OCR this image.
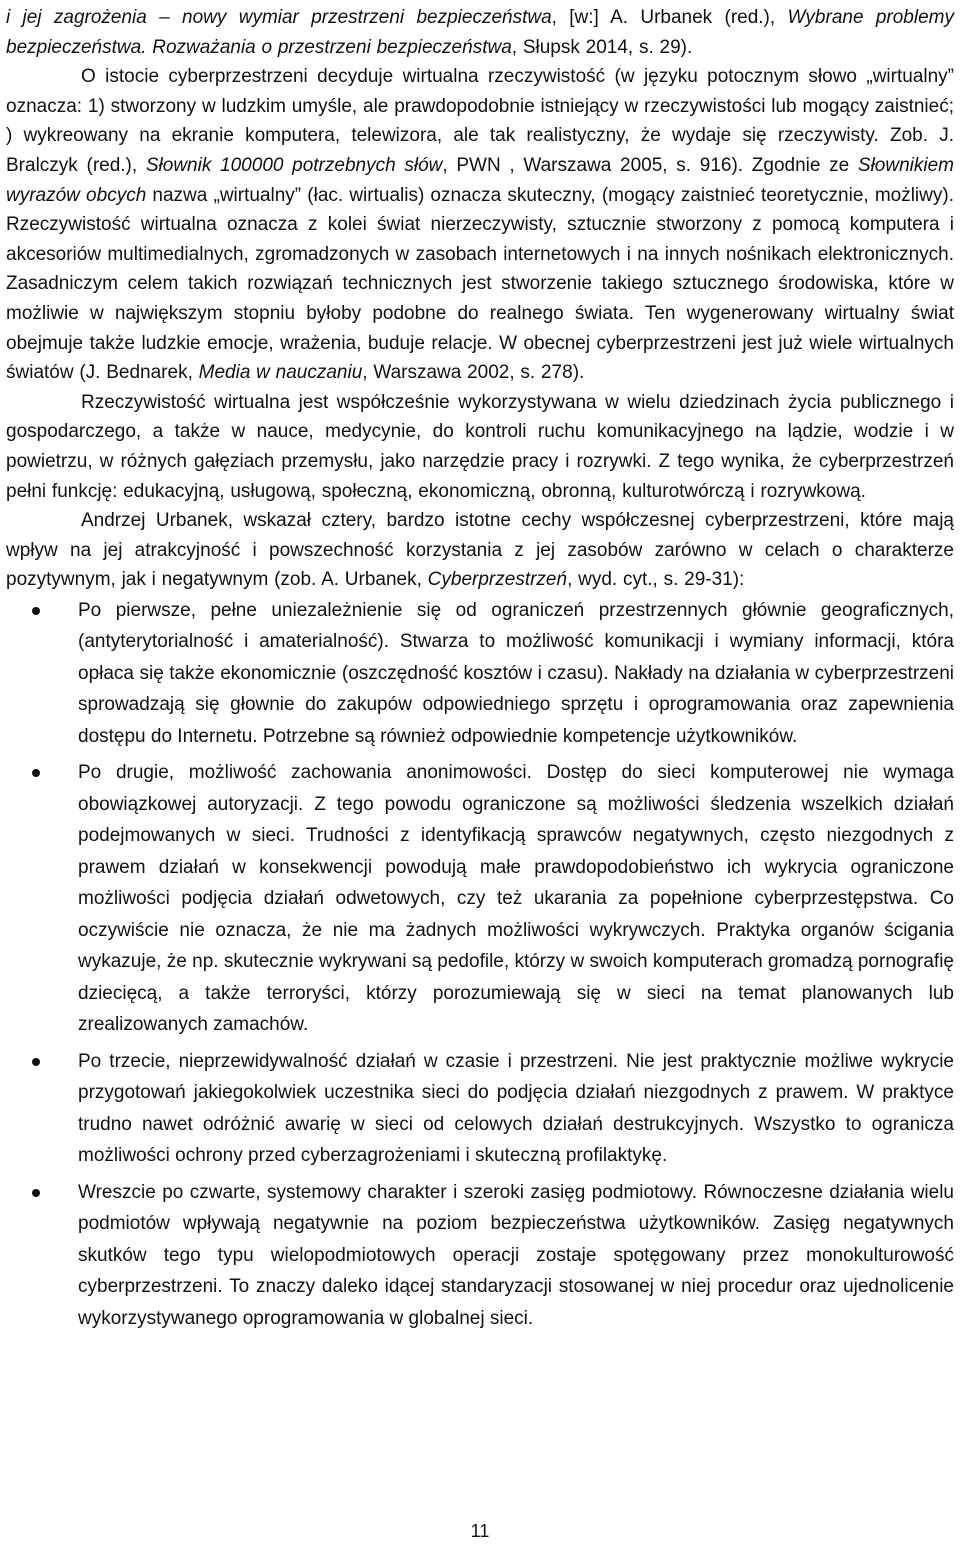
i jej zagrożenia – nowy wymiar przestrzeni bezpieczeństwa, [w:] A. Urbanek (red.), Wybrane problemy bezpieczeństwa. Rozważania o przestrzeni bezpieczeństwa, Słupsk 2014, s. 29).

O istocie cyberprzestrzeni decyduje wirtualna rzeczywistość (w języku potocznym słowo „wirtualny” oznacza: 1) stworzony w ludzkim umyśle, ale prawdopodobnie istniejący w rzeczywistości lub mogący zaistnieć; ) wykreowany na ekranie komputera, telewizora, ale tak realistyczny, że wydaje się rzeczywisty. Zob. J. Bralczyk (red.), Słownik 100000 potrzebnych słów, PWN , Warszawa 2005, s. 916). Zgodnie ze Słownikiem wyrazów obcych nazwa „wirtualny” (łac. wirtualis) oznacza skuteczny, (mogący zaistnieć teoretycznie, możliwy). Rzeczywistość wirtualna oznacza z kolei świat nierzeczywisty, sztucznie stworzony z pomocą komputera i akcesoriów multimedialnych, zgromadzonych w zasobach internetowych i na innych nośnikach elektronicznych. Zasadniczym celem takich rozwiązań technicznych jest stworzenie takiego sztucznego środowiska, które w możliwie w największym stopniu byłoby podobne do realnego świata. Ten wygenerowany wirtualny świat obejmuje także ludzkie emocje, wrażenia, buduje relacje. W obecnej cyberprzestrzeni jest już wiele wirtualnych światów (J. Bednarek, Media w nauczaniu, Warszawa 2002, s. 278).

Rzeczywistość wirtualna jest współcześnie wykorzystywana w wielu dziedzinach życia publicznego i gospodarczego, a także w nauce, medycynie, do kontroli ruchu komunikacyjnego na lądzie, wodzie i w powietrzu, w różnych gałęziach przemysłu, jako narzędzie pracy i rozrywki. Z tego wynika, że cyberprzestrzeń pełni funkcję: edukacyjną, usługową, społeczną, ekonomiczną, obronną, kulturotwórczą i rozrywkową.

Andrzej Urbanek, wskazał cztery, bardzo istotne cechy współczesnej cyberprzestrzeni, które mają wpływ na jej atrakcyjność i powszechność korzystania z jej zasobów zarówno w celach o charakterze pozytywnym, jak i negatywnym (zob. A. Urbanek, Cyberprzestrzeń, wyd. cyt., s. 29-31):

Po pierwsze, pełne uniezależnienie się od ograniczeń przestrzennych głównie geograficznych, (antyterytorialność i amaterialność). Stwarza to możliwość komunikacji i wymiany informacji, która opłaca się także ekonomicznie (oszczędność kosztów i czasu). Nakłady na działania w cyberprzestrzeni sprowadzają się głownie do zakupów odpowiedniego sprzętu i oprogramowania oraz zapewnienia dostępu do Internetu. Potrzebne są również odpowiednie kompetencje użytkowników.
Po drugie, możliwość zachowania anonimowości. Dostęp do sieci komputerowej nie wymaga obowiązkowej autoryzacji. Z tego powodu ograniczone są możliwości śledzenia wszelkich działań podejmowanych w sieci. Trudności z identyfikacją sprawców negatywnych, często niezgodnych z prawem działań w konsekwencji powodują małe prawdopodobieństwo ich wykrycia ograniczone możliwości podjęcia działań odwetowych, czy też ukarania za popełnione cyberprzestępstwa. Co oczywiście nie oznacza, że nie ma żadnych możliwości wykrywczych. Praktyka organów ścigania wykazuje, że np. skutecznie wykrywani są pedofile, którzy w swoich komputerach gromadzą pornografię dziecięcą, a także terroryści, którzy porozumiewają się w sieci na temat planowanych lub zrealizowanych zamachów.
Po trzecie, nieprzewidywalność działań w czasie i przestrzeni. Nie jest praktycznie możliwe wykrycie przygotowań jakiegokolwiek uczestnika sieci do podjęcia działań niezgodnych z prawem. W praktyce trudno nawet odróżnić awarię w sieci od celowych działań destrukcyjnych. Wszystko to ogranicza możliwości ochrony przed cyberzagrożeniami i skuteczną profilaktykę.
Wreszcie po czwarte, systemowy charakter i szeroki zasięg podmiotowy. Równoczesne działania wielu podmiotów wpływają negatywnie na poziom bezpieczeństwa użytkowników. Zasięg negatywnych skutków tego typu wielopodmiotowych operacji zostaje spotęgowany przez monokulturowość cyberprzestrzeni. To znaczy daleko idącej standaryzacji stosowanej w niej procedur oraz ujednolicenie wykorzystywanego oprogramowania w globalnej sieci.
11
